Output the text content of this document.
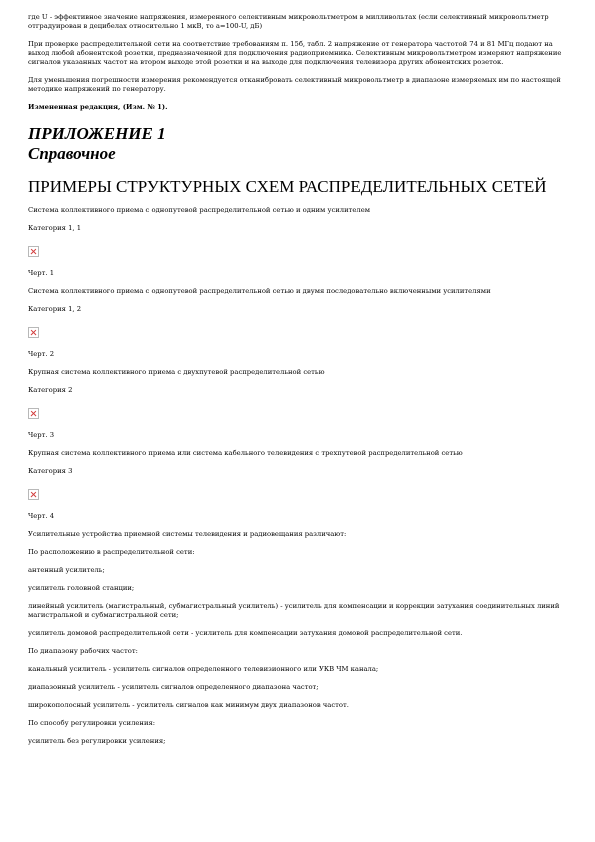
где U - эффективное значение напряжения, измеренного селективным микровольтметром в милливольтах (если селективный микровольтметр отградуирован в децибелах относительно 1 мкВ, то а=100-U, дБ)

При проверке распределительной сети на соответствие требованиям п. 15б, табл. 2 напряжение от генератора частотой 74 и 81 МГц подают на выход любой абонентской розетки, предназначенной для подключения радиоприемника. Селективным микровольтметром измеряют напряжение сигналов указанных частот на втором выходе этой розетки и на выходе для подключения телевизора других абонентских розеток.

Для уменьшения погрешности измерения рекомендуется отканибровать селективный микровольтметр в диапазоне измеряемых им по настоящей методике напряжений по генератору.

Измененная редакция, (Изм. № 1).

ПРИЛОЖЕНИЕ 1
Справочное
ПРИМЕРЫ СТРУКТУРНЫХ СХЕМ РАСПРЕДЕЛИТЕЛЬНЫХ СЕТЕЙ

Система коллективного приема с однопутевой распределительной сетью и одним усилителем

Категория 1, 1

Черт. 1

Система коллективного приема с однопутевой распределительной сетью и двумя последовательно включенными усилителями

Категория 1, 2

Черт. 2

Крупная система коллективного приема с двухпутевой распределительной сетью

Категория 2

Черт. 3

Крупная система коллективного приема или система кабельного телевидения с трехпутевой распределительной сетью

Категория 3

Черт. 4

Усилительные устройства приемной системы телевидения и радиовещания различают:

По расположению в распределительной сети:

антенный усилитель;

усилитель головной станции;

линейный усилитель (магистральный, субмагистральный усилитель) - усилитель для компенсации и коррекции затухания соединительных линий магистральной и субмагистральной сети;

усилитель домовой распределительной сети - усилитель для компенсации затухания домовой распределительной сети.

По диапазону рабочих частот:

канальный усилитель - усилитель сигналов определенного телевизионного или УКВ ЧМ канала;

диапазонный усилитель - усилитель сигналов определенного диапазона частот;

широкополосный усилитель - усилитель сигналов как минимум двух диапазонов частот.

По способу регулировки усиления:

усилитель без регулировки усиления;
